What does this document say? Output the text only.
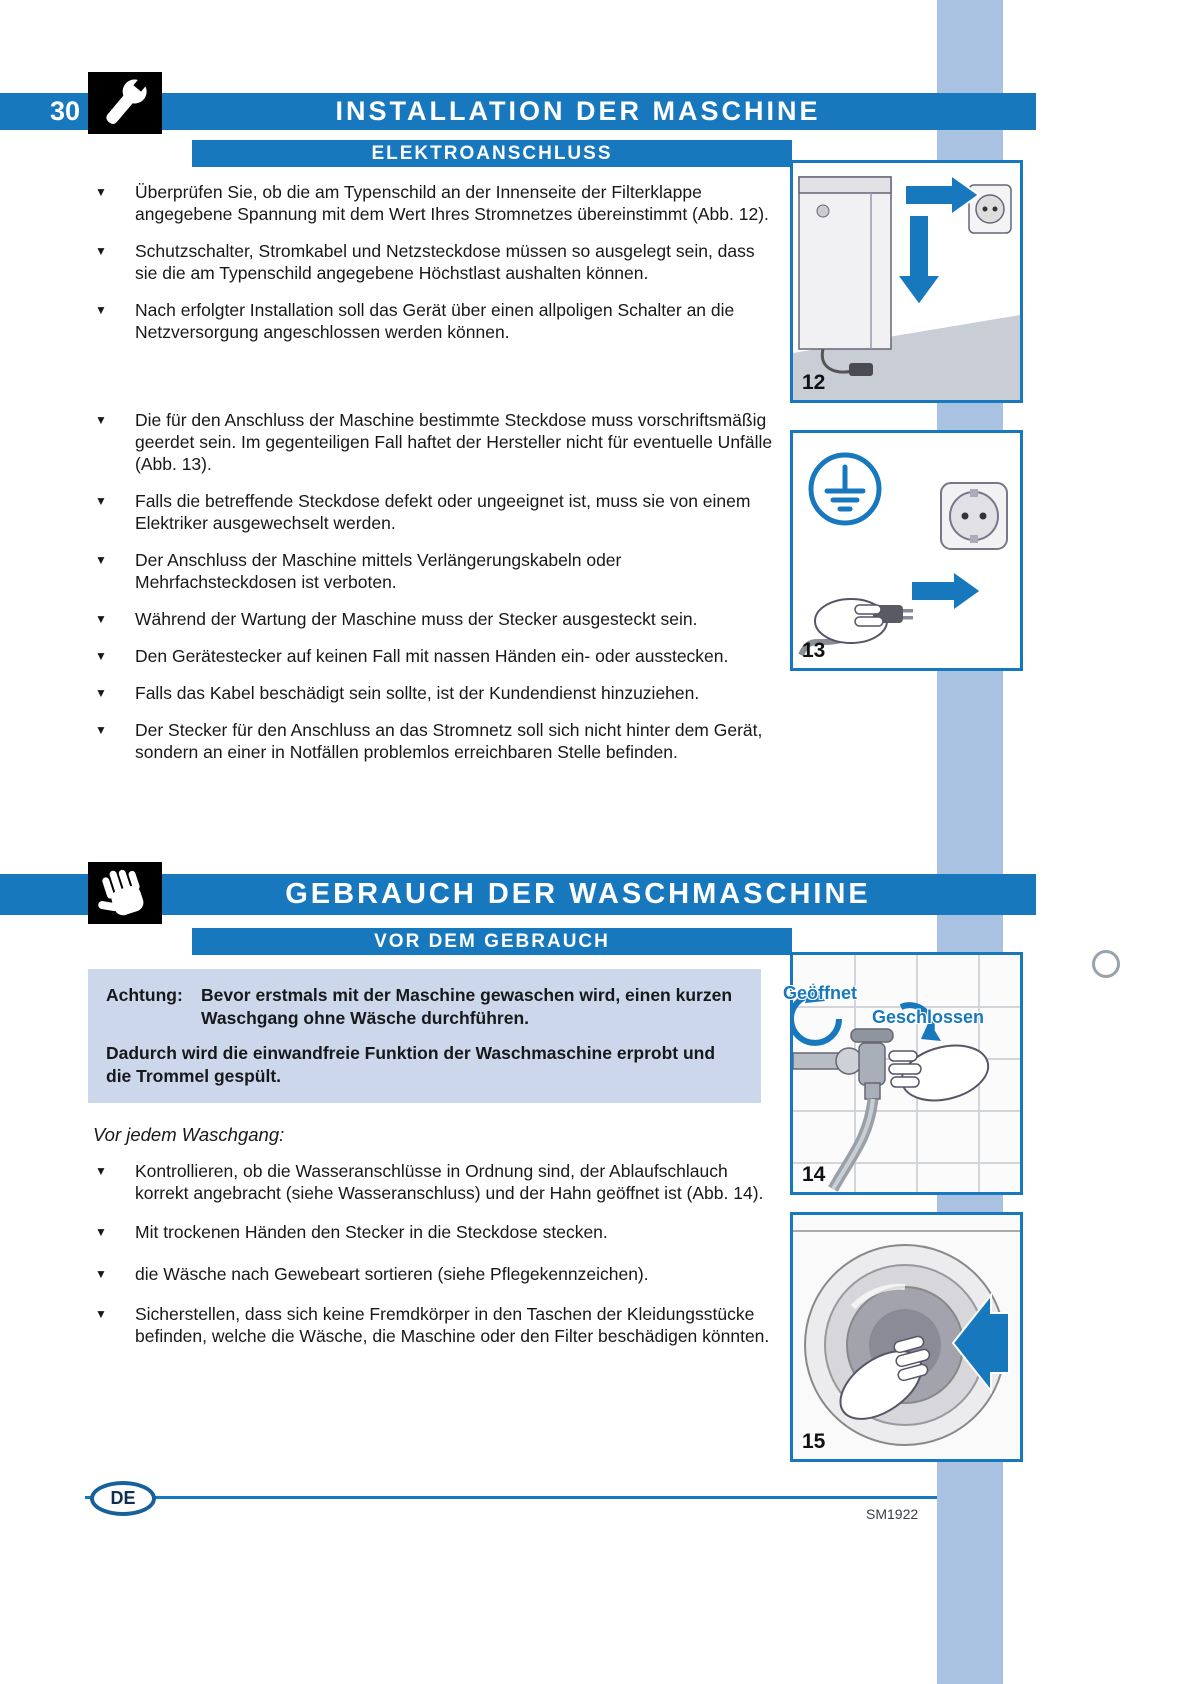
30	INSTALLATION DER MASCHINE
ELEKTROANSCHLUSS
▼	Überprüfen Sie, ob die am Typenschild an der Innenseite der Filterklappe angegebene Spannung mit dem Wert Ihres Stromnetzes übereinstimmt (Abb. 12).
▼	Schutzschalter, Stromkabel und Netzsteckdose müssen so ausgelegt sein, dass sie die am Typenschild angegebene Höchstlast aushalten können.
▼	Nach erfolgter Installation soll das Gerät über einen allpoligen Schalter an die Netzversorgung angeschlossen werden können.
▼	Die für den Anschluss der Maschine bestimmte Steckdose muss vorschriftsmäßig geerdet sein. Im gegenteiligen Fall haftet der Hersteller nicht für eventuelle Unfälle (Abb. 13).
▼	Falls die betreffende Steckdose defekt oder ungeeignet ist, muss sie von einem Elektriker ausgewechselt werden.
▼	Der Anschluss der Maschine mittels Verlängerungskabeln oder Mehrfachsteckdosen ist verboten.
▼	Während der Wartung der Maschine muss der Stecker ausgesteckt sein.
▼	Den Gerätestecker auf keinen Fall mit nassen Händen ein- oder ausstecken.
▼	Falls das Kabel beschädigt sein sollte, ist der Kundendienst hinzuziehen.
▼	Der Stecker für den Anschluss an das Stromnetz soll sich nicht hinter dem Gerät, sondern an einer in Notfällen problemlos erreichbaren Stelle befinden.
12
13
GEBRAUCH DER WASCHMASCHINE
VOR DEM GEBRAUCH
Achtung:	Bevor erstmals mit der Maschine gewaschen wird, einen kurzen Waschgang ohne Wäsche durchführen.
Dadurch wird die einwandfreie Funktion der Waschmaschine erprobt und die Trommel gespült.
Vor jedem Waschgang:
▼	Kontrollieren, ob die Wasseranschlüsse in Ordnung sind, der Ablaufschlauch korrekt angebracht (siehe Wasseranschluss) und der Hahn geöffnet ist (Abb. 14).
▼	Mit trockenen Händen den Stecker in die Steckdose stecken.
▼	die Wäsche nach Gewebeart sortieren (siehe Pflegekennzeichen).
▼	Sicherstellen, dass sich keine Fremdkörper in den Taschen der Kleidungsstücke befinden, welche die Wäsche, die Maschine oder den Filter beschädigen könnten.
14
15
Geöffnet
Geschlossen
DE
SM1922
